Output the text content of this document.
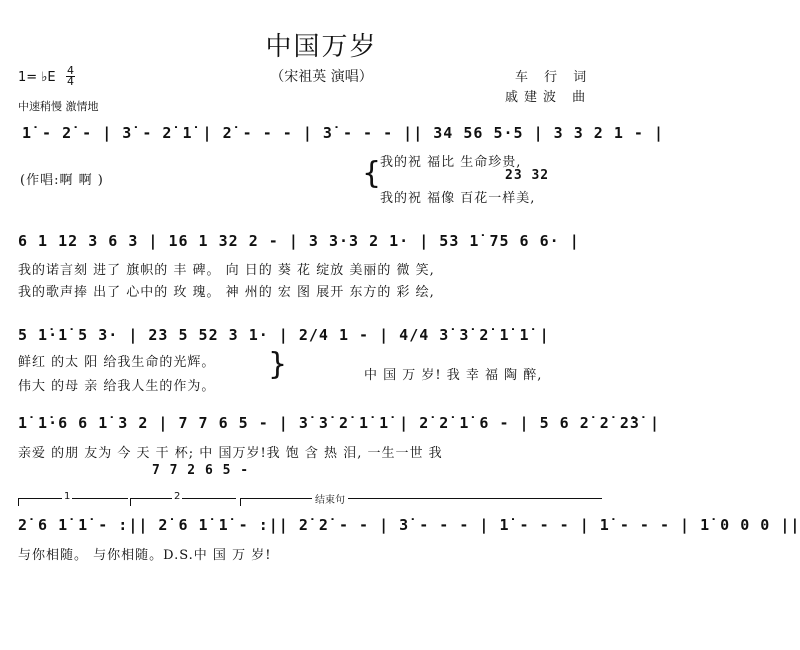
中国万岁
（宋祖英 演唱）	车 行 词
戚建波 曲
1= ♭E 4
4
中速稍慢 激情地
1̇ - 2̇ - | 3̇ - 2̇ 1̇ | 2̇ - - - | 3̇ - - - || 34 56 5·5 | 3 3 2 1 - |
23 32
(作唱:啊 啊 )	{
我的祝 福比 生命珍贵,
我的祝 福像 百花一样美,
6 1 12 3 6 3 | 16 1 32 2 - | 3 3·3 2 1· | 53 1̇ 75 6 6· |
我的诺言刻 进了 旗帜的 丰 碑。 向 日的 葵 花 绽放 美丽的 微 笑,
我的歌声捧 出了 心中的 玫 瑰。 神 州的 宏 图 展开 东方的 彩 绘,
5 1̇·1̇ 5 3· | 23 5 52 3 1· | 2/4 1 - | 4/4 3̇ 3̇ 2̇ 1̇ 1̇ |
鲜红 的太 阳 给我生命的光辉。
伟大 的母 亲 给我人生的作为。
}	中 国 万 岁! 我 幸 福 陶 醉,
1̇ 1̇·6 6 1̇ 3 2 | 7 7 6 5 - | 3̇ 3̇ 2̇ 1̇ 1̇ | 2̇ 2̇ 1̇ 6 - | 5 6 2̇ 2̇ 2̇3̇ |
亲爱 的朋 友为 今 天 干 杯; 中 国万岁!我 饱 含 热 泪, 一生一世 我
7 7 2 6 5 -
1	2	结束句
2̇ 6 1̇ 1̇ - :|| 2̇ 6 1̇ 1̇ - :|| 2̇ 2̇ - - | 3̇ - - - | 1̇ - - - | 1̇ - - - | 1̇ 0 0 0 ||
与你相随。 与你相随。D.S.中 国 万 岁!
